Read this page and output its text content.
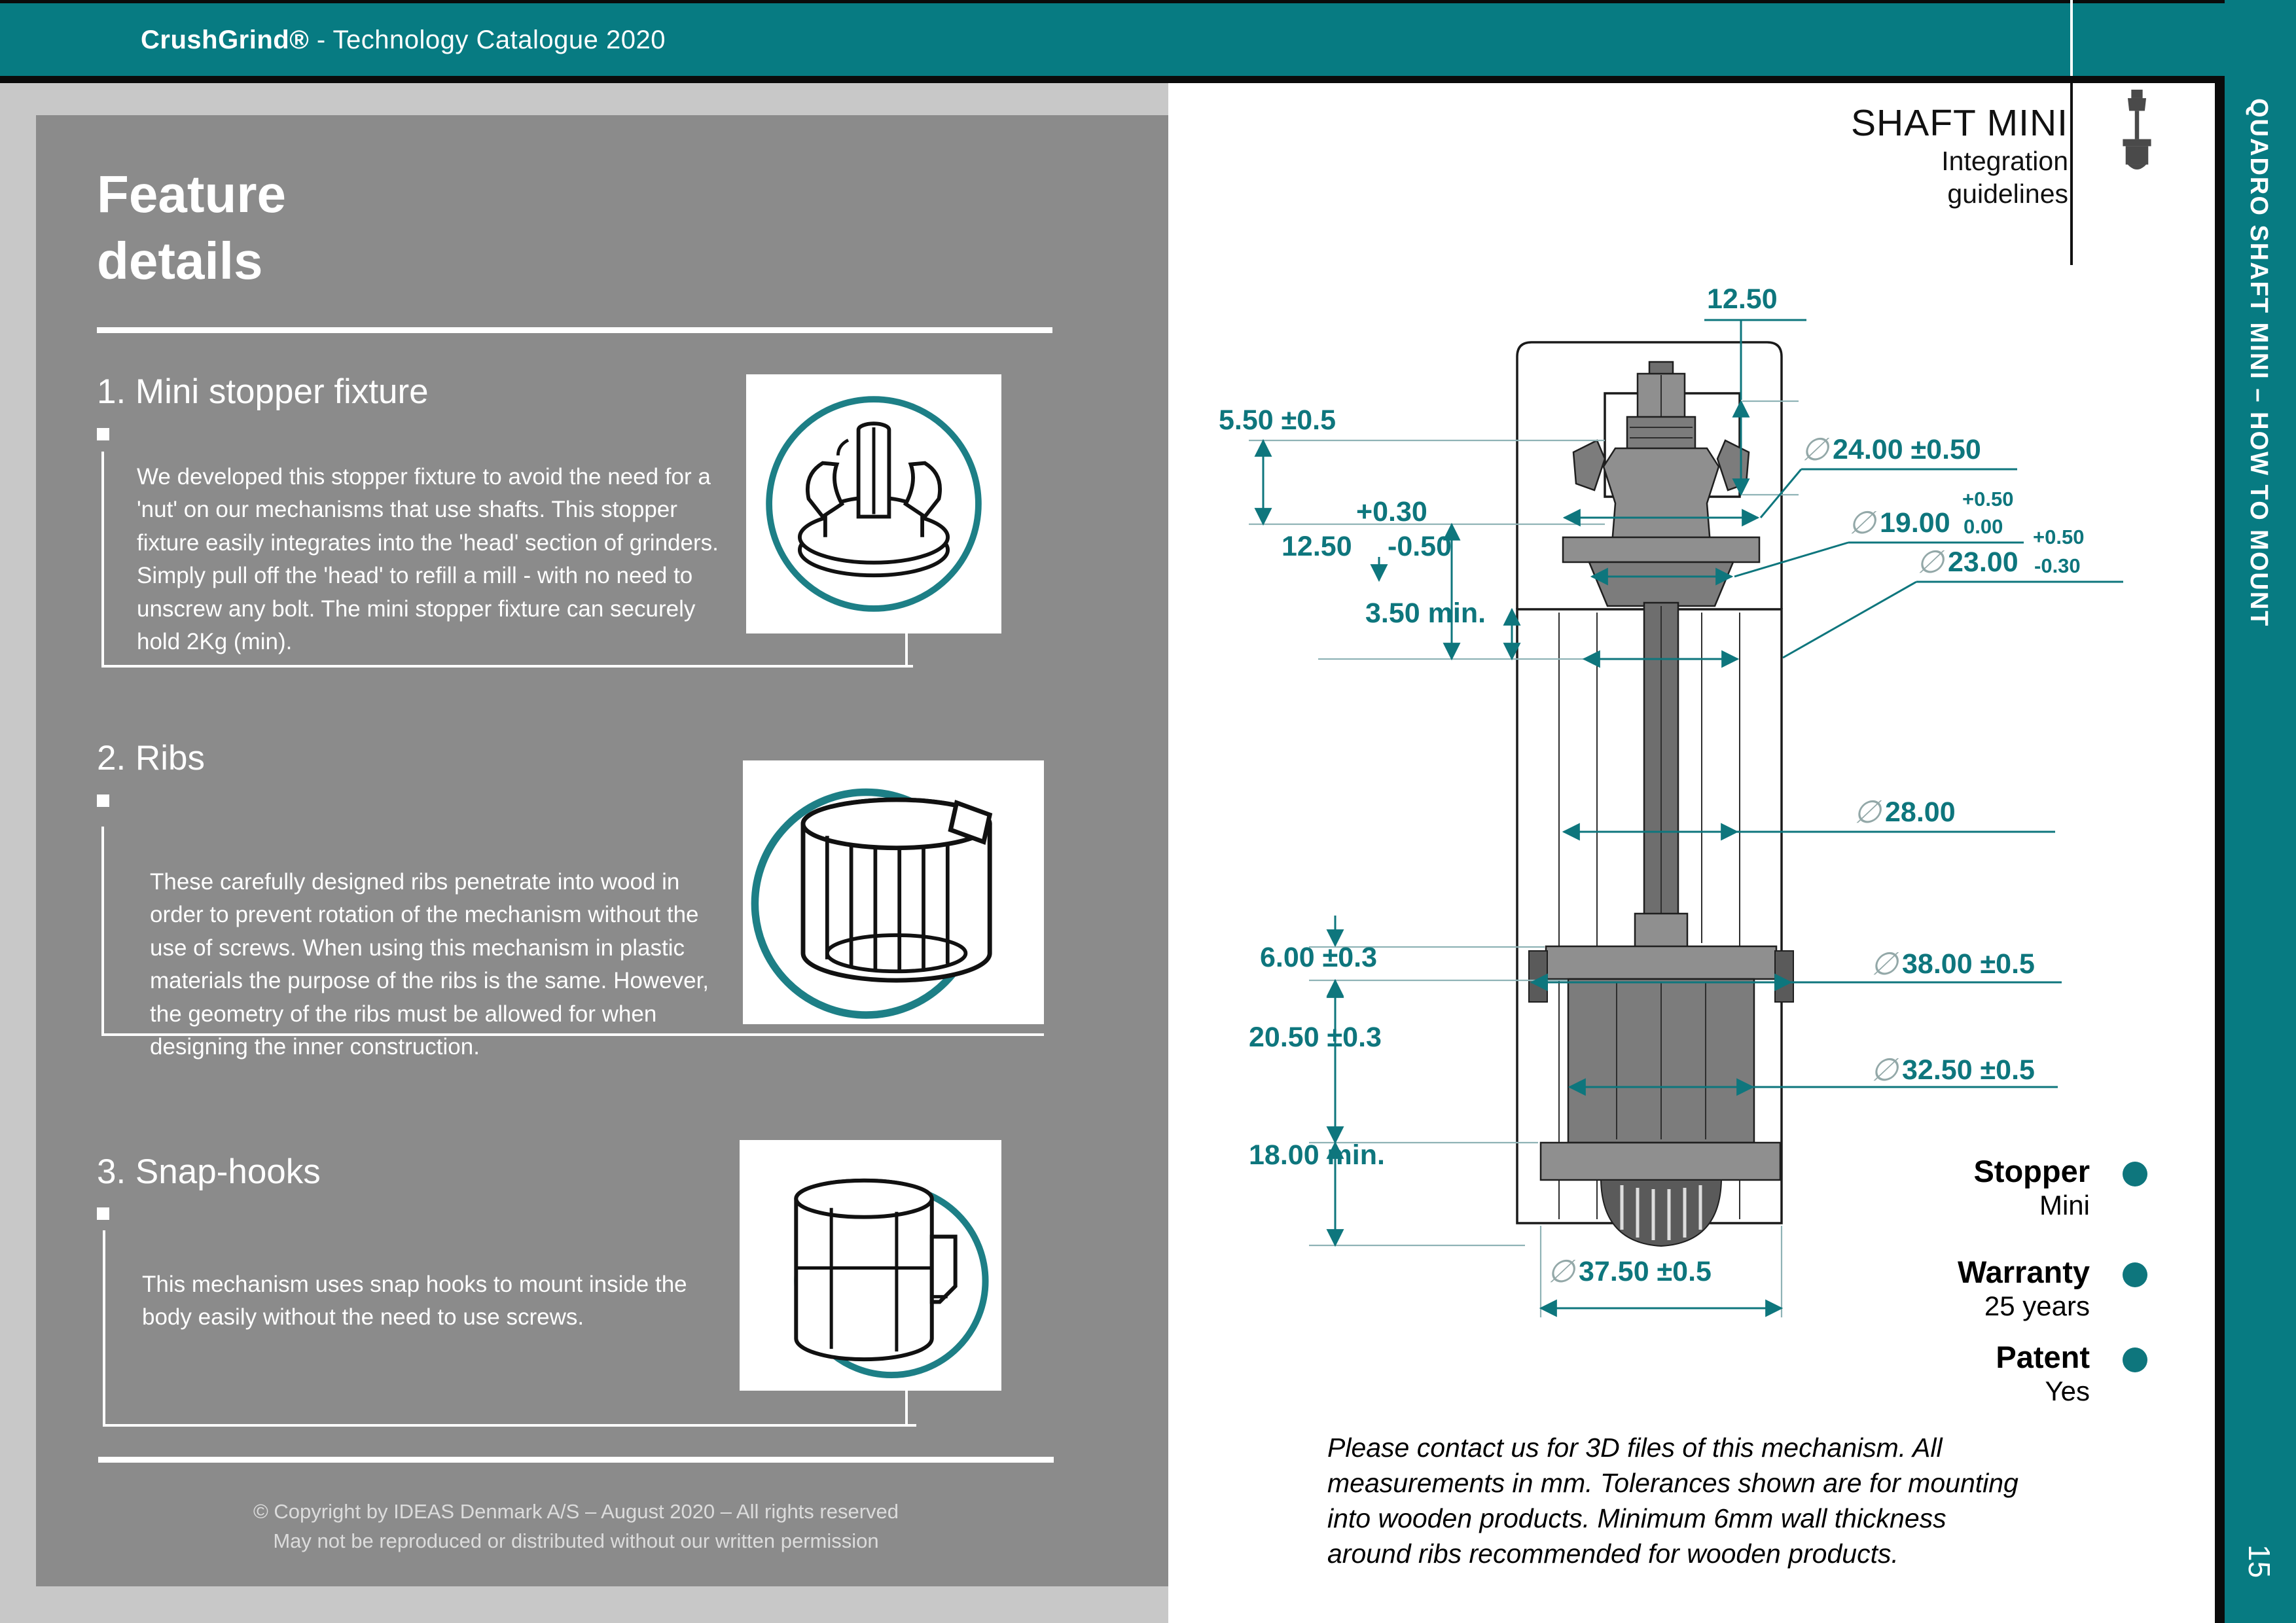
CrushGrind® - Technology Catalogue 2020
QUADRO SHAFT MINI – HOW TO MOUNT
15
Feature
details
1. Mini stopper fixture
We developed this stopper fixture to avoid the need for a 'nut' on our mechanisms that use shafts. This stopper fixture easily integrates into the 'head' section of grinders. Simply pull off the 'head' to refill a mill - with no need to unscrew any bolt. The mini stopper fixture can securely hold 2Kg (min).
2. Ribs
These carefully designed ribs penetrate into wood in order to prevent rotation of the mechanism without the use of screws. When using this mechanism in plastic materials the purpose of the ribs is the same. However, the geometry of the ribs must be allowed for when designing the inner construction.
3. Snap-hooks
This mechanism uses snap hooks to mount inside the body easily without the need to use screws.
© Copyright by IDEAS Denmark A/S – August 2020 – All rights reserved
May not be reproduced or distributed without our written permission
SHAFT MINI
Integration
guidelines
12.50
5.50 ±0.5
+0.30
12.50 -0.50
3.50 min.
∅ 24.00 ±0.50
+0.50
∅ 19.00 0.00 +0.50
∅ 23.00 -0.30
∅ 28.00
∅ 38.00 ±0.5
∅ 32.50 ±0.5
6.00 ±0.3
20.50 ±0.3
18.00 min.
∅ 37.50 ±0.5
Stopper
Mini
Warranty
25 years
Patent
Yes
Please contact us for 3D files of this mechanism. All measurements in mm. Tolerances shown are for mounting into wooden products. Minimum 6mm wall thickness around ribs recommended for wooden products.
